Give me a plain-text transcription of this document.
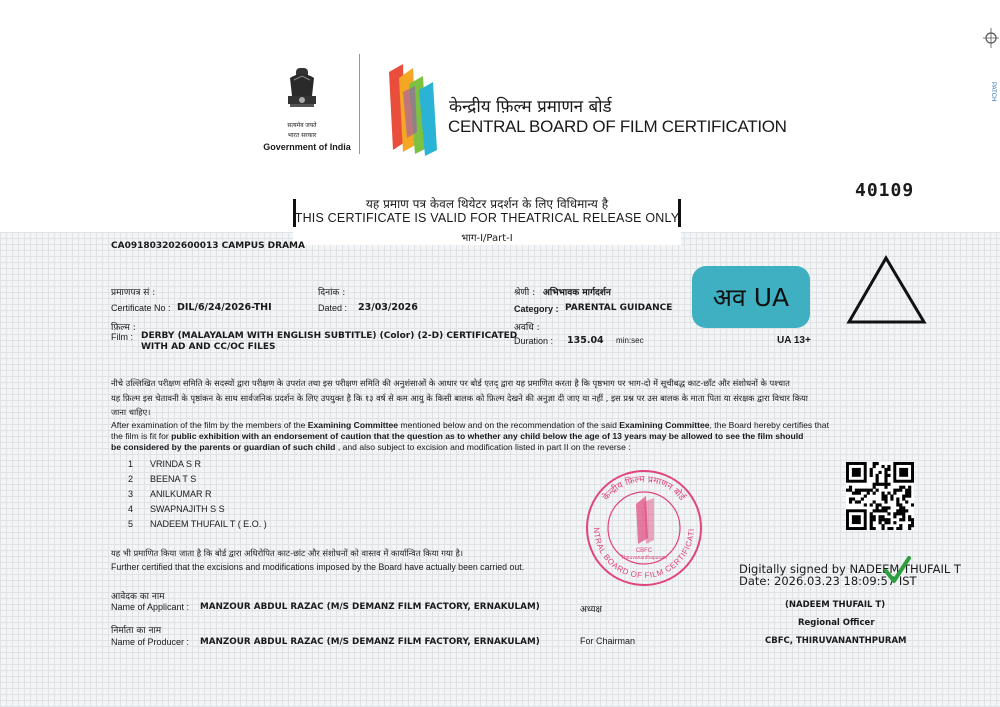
सत्यमेव जयते
भारत सरकार
Government of India
केन्द्रीय फ़िल्म प्रमाणन बोर्ड
CENTRAL BOARD OF FILM CERTIFICATION
PATCH
यह प्रमाण पत्र केवल थियेटर प्रदर्शन के लिए विधिमान्य है
THIS CERTIFICATE IS VALID FOR THEATRICAL RELEASE ONLY
भाग-I/Part-I
40109
CA091803202600013 CAMPUS DRAMA
प्रमाणपत्र सं :
Certificate No : DIL/6/24/2026-THI
दिनांक :
Dated : 23/03/2026
श्रेणी : अभिभावक मार्गदर्शन
Category : PARENTAL GUIDANCE
फ़िल्म :
Film : DERBY (MALAYALAM WITH ENGLISH SUBTITLE) (Color) (2-D) CERTIFICATED
WITH AD AND CC/OC FILES
अवधि :
Duration : 135.04 min:sec
अव UA
UA 13+
नीचे उल्लिखित परीक्षण समिति के सदस्यों द्वारा परीक्षण के उपरांत तथा इस परीक्षण समिति की अनुशंसाओं के आधार पर बोर्ड एतद् द्वारा यह प्रमाणित करता है कि पृष्ठभाग पर भाग-दो में सूचीबद्ध काट-छाँट और संशोधनों के पश्चात
यह फ़िल्म इस चेतावनी के पृष्ठांकन के साथ सार्वजनिक प्रदर्शन के लिए उपयुक्त है कि १३ वर्ष से कम आयु के किसी बालक को फ़िल्म देखने की अनुज्ञा दी जाए या नहीं , इस प्रश्न पर उस बालक के माता पिता या संरक्षक द्वारा विचार किया
जाना चाहिए।
After examination of the film by the members of the Examining Committee mentioned below and on the recommendation of the said Examining Committee, the Board hereby certifies that
the film is fit for public exhibition with an endorsement of caution that the question as to whether any child below the age of 13 years may be allowed to see the film should
be considered by the parents or guardian of such child , and also subject to excision and modification listed in part II on the reverse :
1 VRINDA S R
2 BEENA T S
3 ANILKUMAR R
4 SWAPNAJITH S S
5 NADEEM THUFAIL T ( E.O. )
केन्द्रीय फ़िल्म प्रमाणन बोर्ड
NTRAL BOARD OF FILM CERTIFICATI
CBFC
Thiruvananthapuram
यह भी प्रमाणित किया जाता है कि बोर्ड द्वारा अधिरोपित काट-छांट और संशोधनों को वास्तव में कार्यान्वित किया गया है।
Further certified that the excisions and modifications imposed by the Board have actually been carried out.	Digitally signed by NADEEM THUFAIL T
Date: 2026.03.23 18:09:57 IST
आवेदक का नाम
Name of Applicant : MANZOUR ABDUL RAZAC (M/S DEMANZ FILM FACTORY, ERNAKULAM)	अध्यक्ष	(NADEEM THUFAIL T)
Regional Officer
CBFC, THIRUVANANTHPURAM
निर्माता का नाम
Name of Producer : MANZOUR ABDUL RAZAC (M/S DEMANZ FILM FACTORY, ERNAKULAM)	For Chairman
